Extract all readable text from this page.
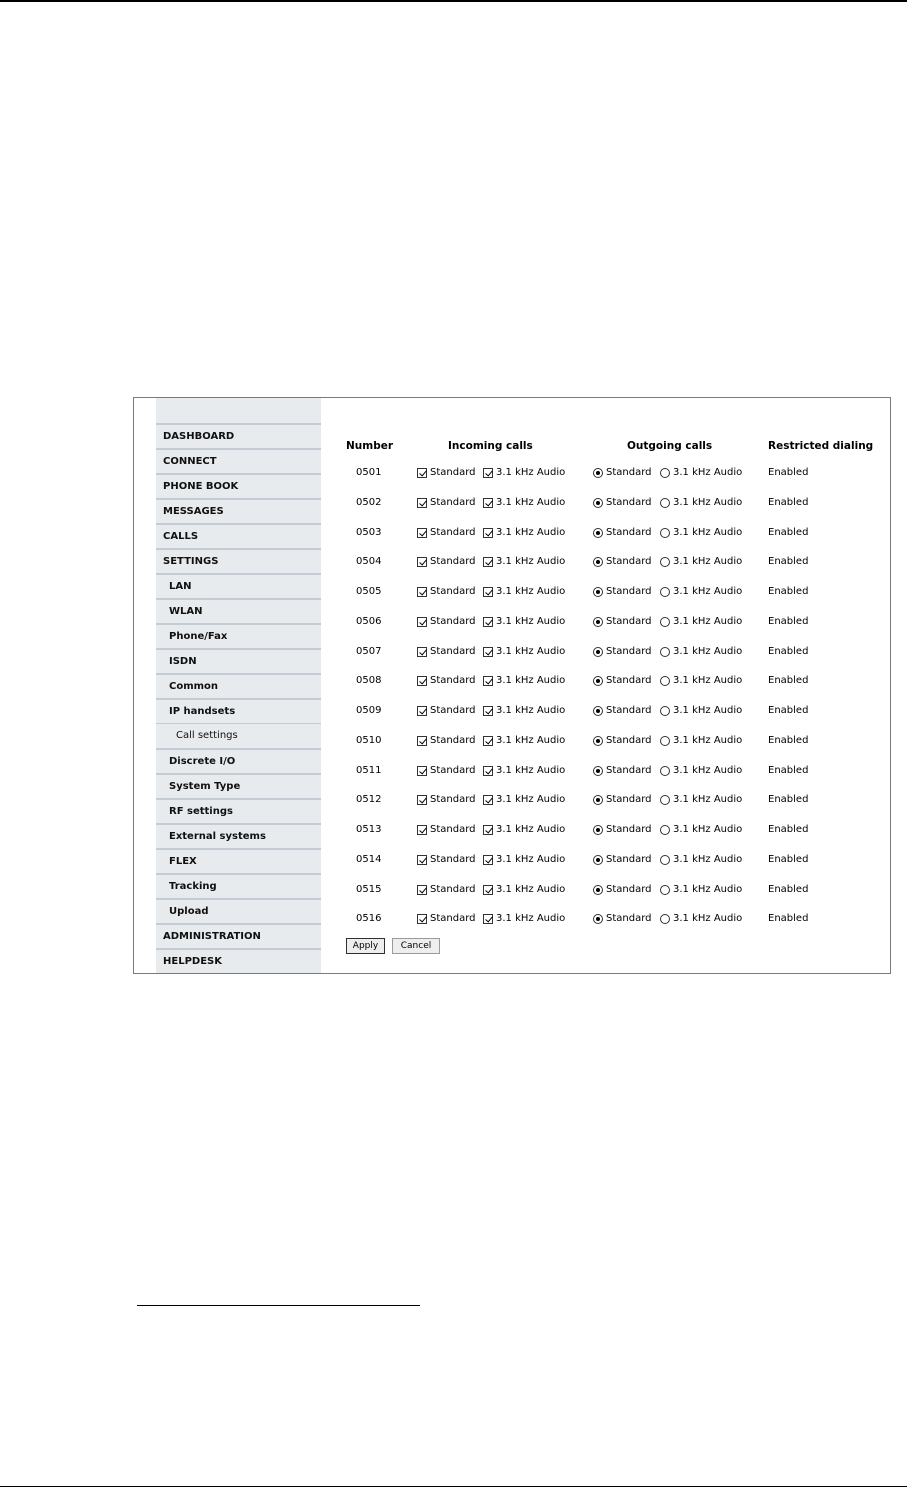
DASHBOARD
CONNECT
PHONE BOOK
MESSAGES
CALLS
SETTINGS
LAN
WLAN
Phone/Fax
ISDN
Common
IP handsets
Call settings
Discrete I/O
System Type
RF settings
External systems
FLEX
Tracking
Upload
ADMINISTRATION
HELPDESK
Number	Incoming calls	Outgoing calls	Restricted dialing
0501	Standard 3.1 kHz Audio	Standard 3.1 kHz Audio	Enabled
0502	Standard 3.1 kHz Audio	Standard 3.1 kHz Audio	Enabled
0503	Standard 3.1 kHz Audio	Standard 3.1 kHz Audio	Enabled
0504	Standard 3.1 kHz Audio	Standard 3.1 kHz Audio	Enabled
0505	Standard 3.1 kHz Audio	Standard 3.1 kHz Audio	Enabled
0506	Standard 3.1 kHz Audio	Standard 3.1 kHz Audio	Enabled
0507	Standard 3.1 kHz Audio	Standard 3.1 kHz Audio	Enabled
0508	Standard 3.1 kHz Audio	Standard 3.1 kHz Audio	Enabled
0509	Standard 3.1 kHz Audio	Standard 3.1 kHz Audio	Enabled
0510	Standard 3.1 kHz Audio	Standard 3.1 kHz Audio	Enabled
0511	Standard 3.1 kHz Audio	Standard 3.1 kHz Audio	Enabled
0512	Standard 3.1 kHz Audio	Standard 3.1 kHz Audio	Enabled
0513	Standard 3.1 kHz Audio	Standard 3.1 kHz Audio	Enabled
0514	Standard 3.1 kHz Audio	Standard 3.1 kHz Audio	Enabled
0515	Standard 3.1 kHz Audio	Standard 3.1 kHz Audio	Enabled
0516	Standard 3.1 kHz Audio	Standard 3.1 kHz Audio	Enabled
Apply	Cancel
